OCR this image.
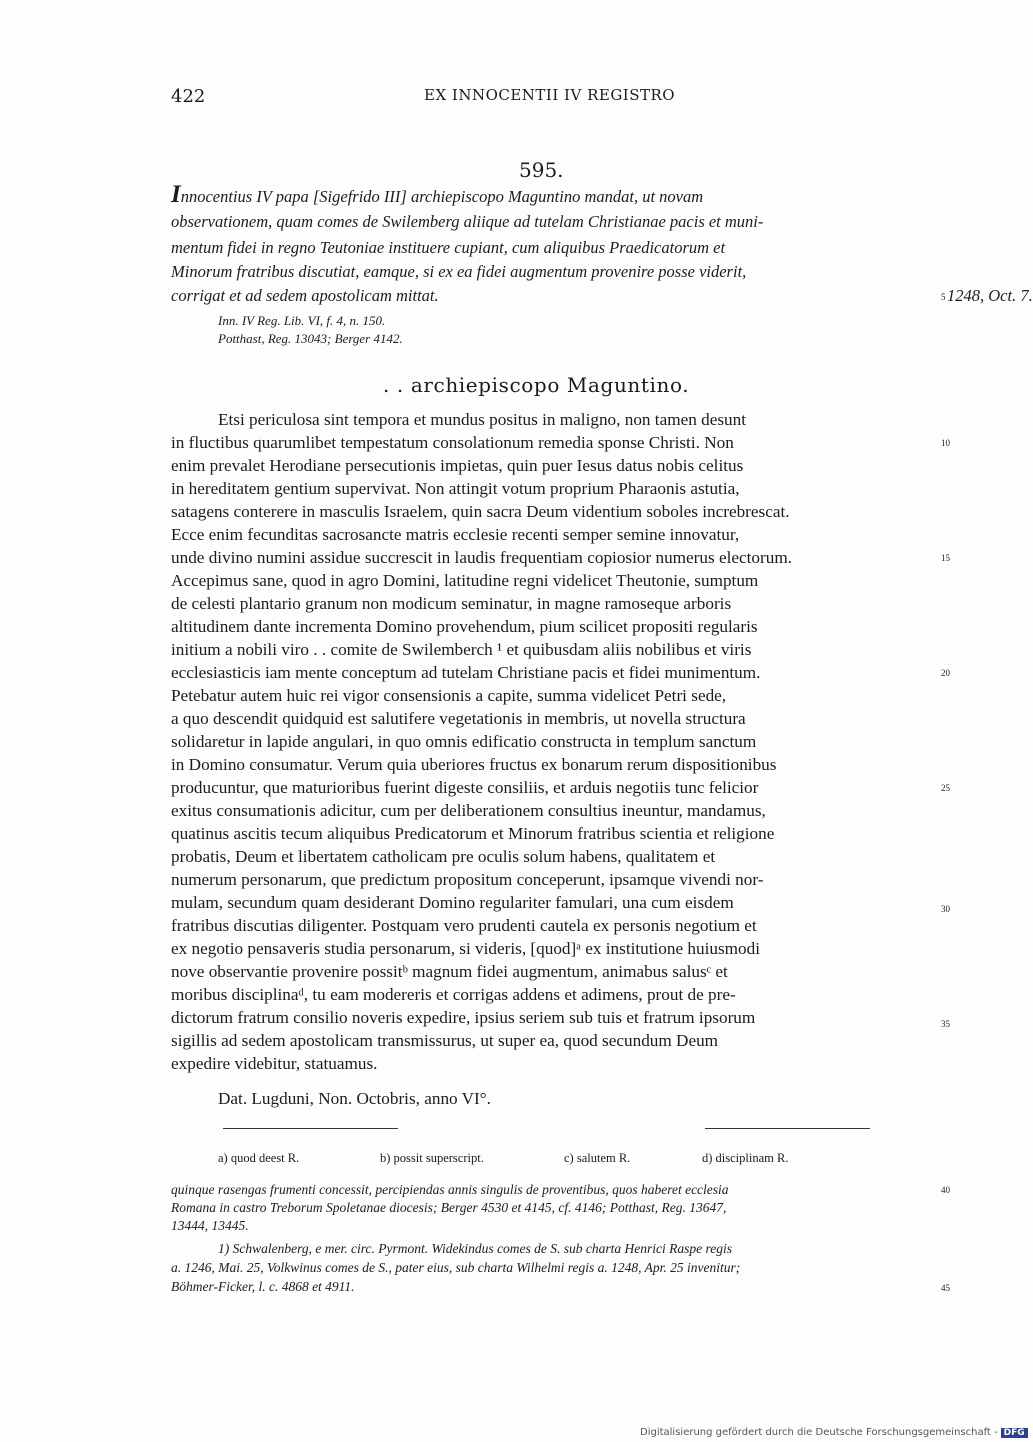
422	EX INNOCENTII IV REGISTRO
595.
Innocentius IV papa [Sigefrido III] archiepiscopo Maguntino mandat, ut novam
observationem, quam comes de Swilemberg aliique ad tutelam Christianae pacis et muni-
mentum fidei in regno Teutoniae instituere cupiant, cum aliquibus Praedicatorum et
Minorum fratribus discutiat, eamque, si ex ea fidei augmentum provenire posse viderit,
corrigat et ad sedem apostolicam mittat.	1248, Oct. 7.
Inn. IV Reg. Lib. VI, f. 4, n. 150.
Potthast, Reg. 13043; Berger 4142.
. . archiepiscopo Maguntino.
Etsi periculosa sint tempora et mundus positus in maligno, non tamen desunt
in fluctibus quarumlibet tempestatum consolationum remedia sponse Christi. Non
enim prevalet Herodiane persecutionis impietas, quin puer Iesus datus nobis celitus
in hereditatem gentium supervivat. Non attingit votum proprium Pharaonis astutia,
satagens conterere in masculis Israelem, quin sacra Deum videntium soboles increbrescat.
Ecce enim fecunditas sacrosancte matris ecclesie recenti semper semine innovatur,
unde divino numini assidue succrescit in laudis frequentiam copiosior numerus electorum.
Accepimus sane, quod in agro Domini, latitudine regni videlicet Theutonie, sumptum
de celesti plantario granum non modicum seminatur, in magne ramoseque arboris
altitudinem dante incrementa Domino provehendum, pium scilicet propositi regularis
initium a nobili viro . . comite de Swilemberch ¹ et quibusdam aliis nobilibus et viris
ecclesiasticis iam mente conceptum ad tutelam Christiane pacis et fidei munimentum.
Petebatur autem huic rei vigor consensionis a capite, summa videlicet Petri sede,
a quo descendit quidquid est salutifere vegetationis in membris, ut novella structura
solidaretur in lapide angulari, in quo omnis edificatio constructa in templum sanctum
in Domino consumatur. Verum quia uberiores fructus ex bonarum rerum dispositionibus
producuntur, que maturioribus fuerint digeste consiliis, et arduis negotiis tunc felicior
exitus consumationis adicitur, cum per deliberationem consultius ineuntur, mandamus,
quatinus ascitis tecum aliquibus Predicatorum et Minorum fratribus scientia et religione
probatis, Deum et libertatem catholicam pre oculis solum habens, qualitatem et
numerum personarum, que predictum propositum conceperunt, ipsamque vivendi nor-
mulam, secundum quam desiderant Domino regulariter famulari, una cum eisdem
fratribus discutias diligenter. Postquam vero prudenti cautela ex personis negotium et
ex negotio pensaveris studia personarum, si videris, [quod]ᵃ ex institutione huiusmodi
nove observantie provenire possitᵇ magnum fidei augmentum, animabus salusᶜ et
moribus disciplinaᵈ, tu eam modereris et corrigas addens et adimens, prout de pre-
dictorum fratrum consilio noveris expedire, ipsius seriem sub tuis et fratrum ipsorum
sigillis ad sedem apostolicam transmissurus, ut super ea, quod secundum Deum
expedire videbitur, statuamus.
Dat. Lugduni, Non. Octobris, anno VI°.
5
10
15
20
25
30
35
40
45
a) quod deest R.	b) possit superscript.	c) salutem R.	d) disciplinam R.
quinque rasengas frumenti concessit, percipiendas annis singulis de proventibus, quos haberet ecclesia
Romana in castro Treborum Spoletanae diocesis; Berger 4530 et 4145, cf. 4146; Potthast, Reg. 13647,
13444, 13445.
1) Schwalenberg, e mer. circ. Pyrmont. Widekindus comes de S. sub charta Henrici Raspe regis
a. 1246, Mai. 25, Volkwinus comes de S., pater eius, sub charta Wilhelmi regis a. 1248, Apr. 25 invenitur;
Böhmer-Ficker, l. c. 4868 et 4911.
Digitalisierung gefördert durch die Deutsche Forschungsgemeinschaft - DFG
